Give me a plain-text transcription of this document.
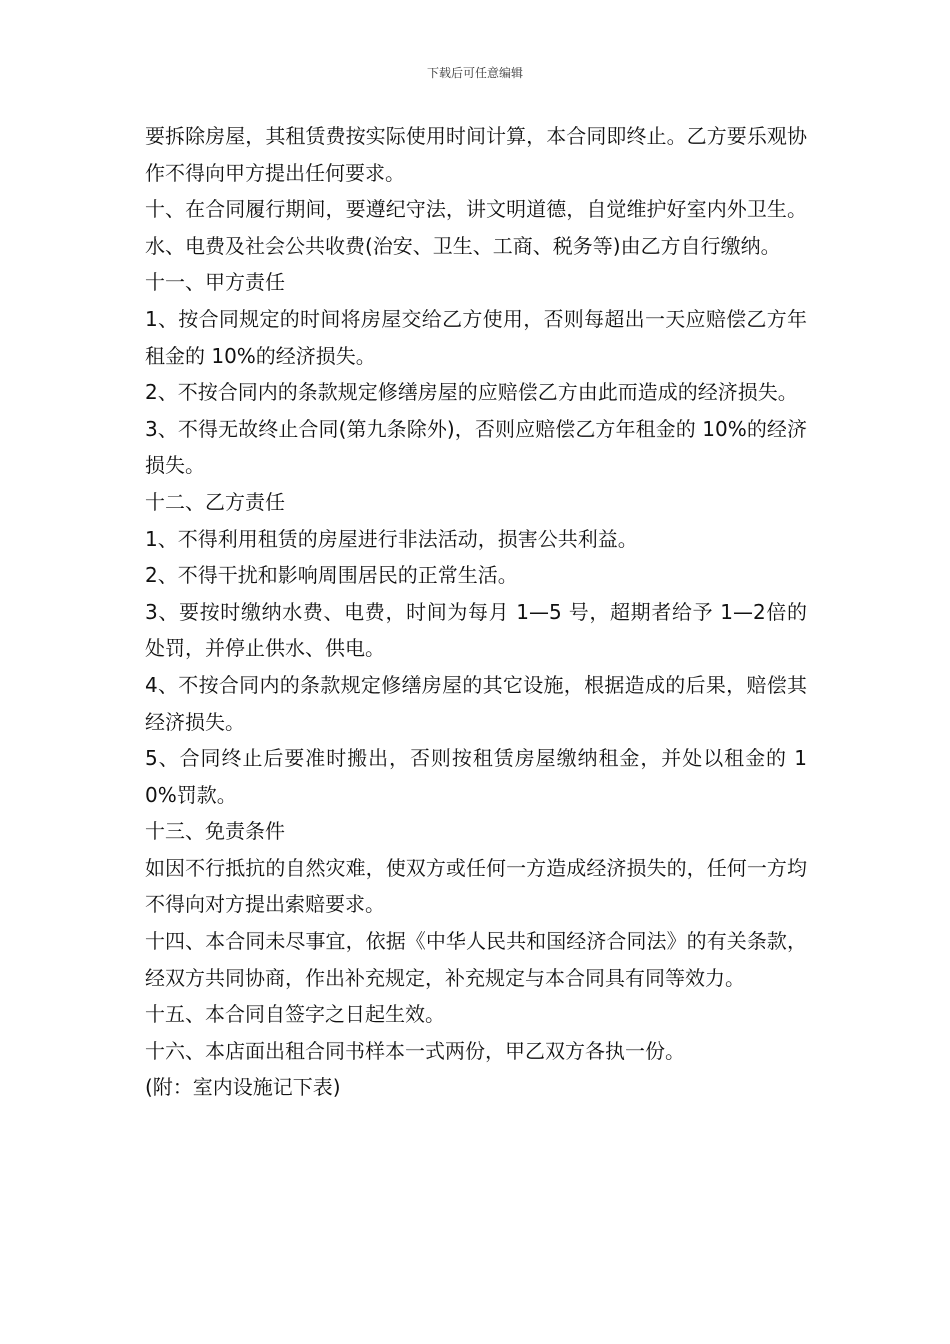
下载后可任意编辑

要拆除房屋，其租赁费按实际使用时间计算，本合同即终止。乙方要乐观协作不得向甲方提出任何要求。

十、在合同履行期间，要遵纪守法，讲文明道德，自觉维护好室内外卫生。水、电费及社会公共收费(治安、卫生、工商、税务等)由乙方自行缴纳。

十一、甲方责任

1、按合同规定的时间将房屋交给乙方使用，否则每超出一天应赔偿乙方年租金的 10%的经济损失。

2、不按合同内的条款规定修缮房屋的应赔偿乙方由此而造成的经济损失。

3、不得无故终止合同(第九条除外)，否则应赔偿乙方年租金的 10%的经济损失。

十二、乙方责任

1、不得利用租赁的房屋进行非法活动，损害公共利益。

2、不得干扰和影响周围居民的正常生活。

3、要按时缴纳水费、电费，时间为每月 1—5 号，超期者给予 1—2倍的处罚，并停止供水、供电。

4、不按合同内的条款规定修缮房屋的其它设施，根据造成的后果，赔偿其经济损失。

5、合同终止后要准时搬出，否则按租赁房屋缴纳租金，并处以租金的 10%罚款。

十三、免责条件

如因不行抵抗的自然灾难，使双方或任何一方造成经济损失的，任何一方均不得向对方提出索赔要求。

十四、本合同未尽事宜，依据《中华人民共和国经济合同法》的有关条款，经双方共同协商，作出补充规定，补充规定与本合同具有同等效力。

十五、本合同自签字之日起生效。

十六、本店面出租合同书样本一式两份，甲乙双方各执一份。

(附：室内设施记下表)
